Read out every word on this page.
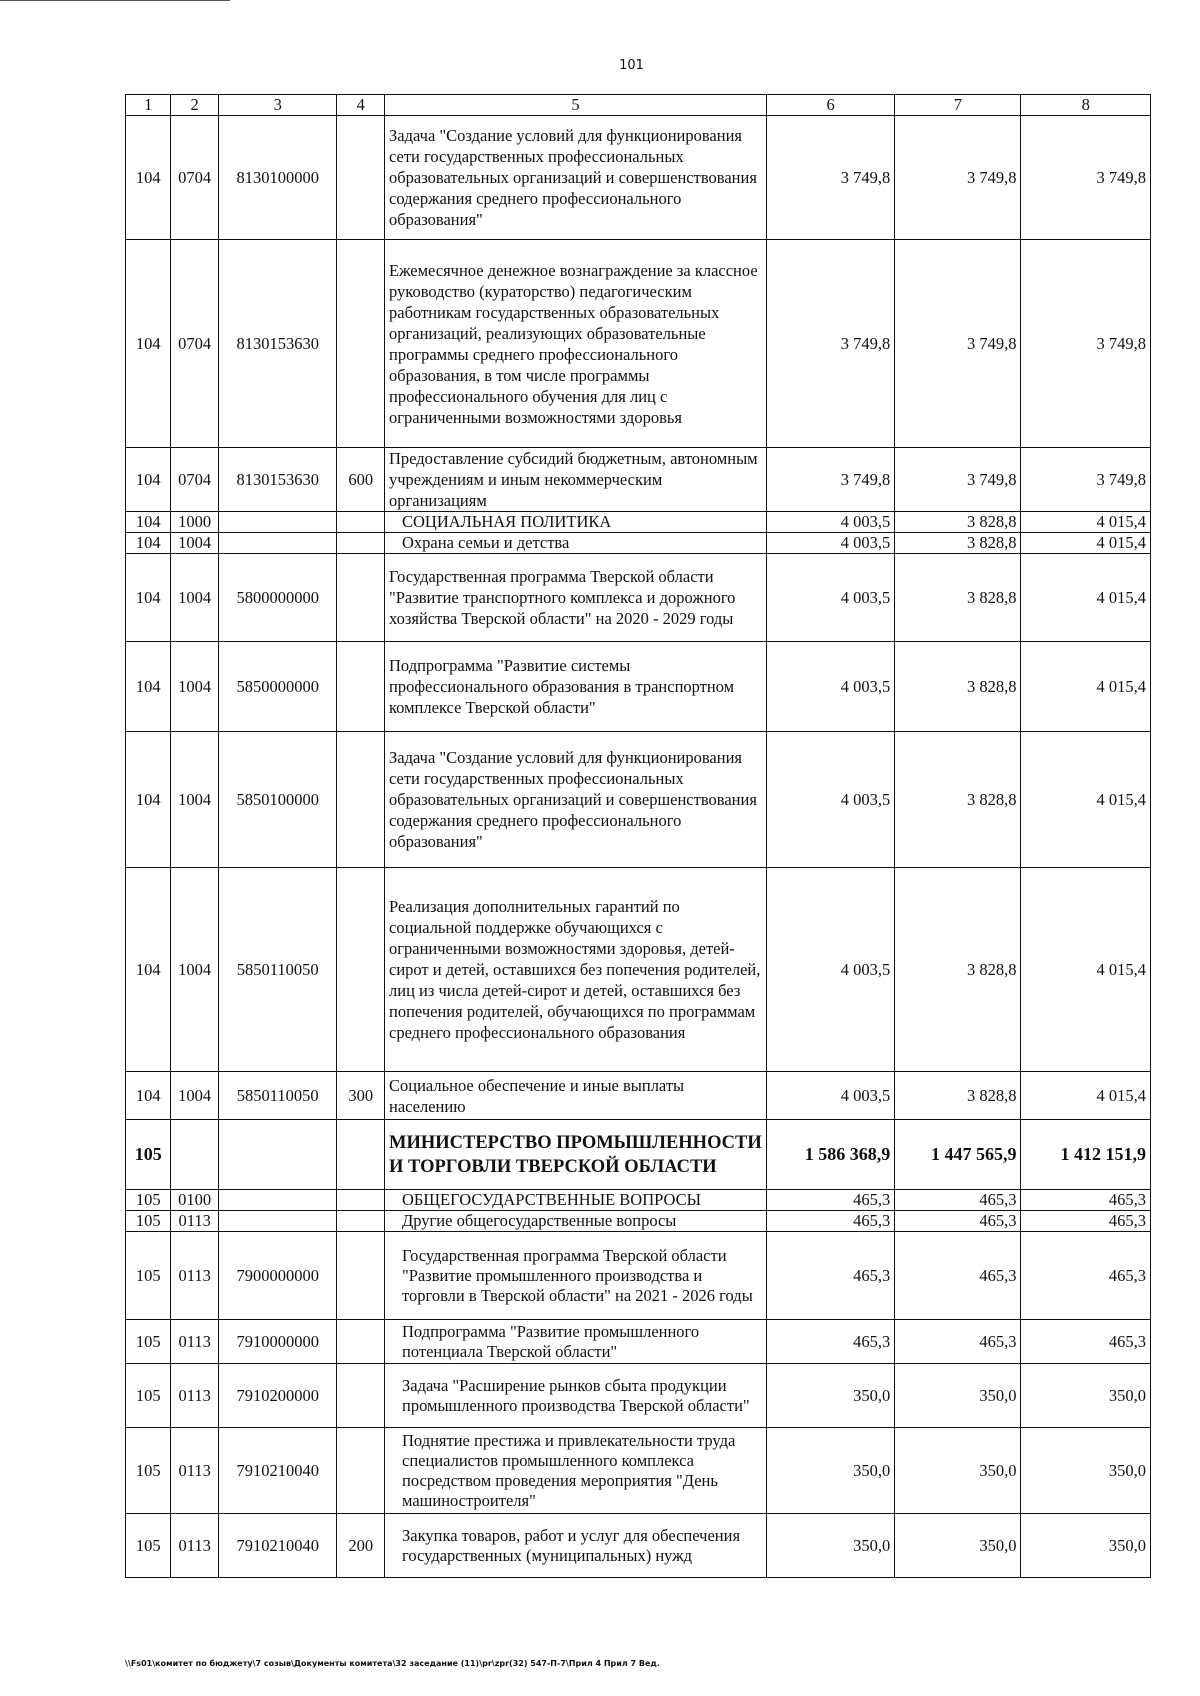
101
1	2	3	4	5	6	7	8
104	0704	8130100000		Задача "Создание условий для функционирования сети государственных профессиональных образовательных организаций и совершенствования содержания среднего профессионального образования"	3 749,8	3 749,8	3 749,8
104	0704	8130153630		Ежемесячное денежное вознаграждение за классное руководство (кураторство) педагогическим работникам государственных образовательных организаций, реализующих образовательные программы среднего профессионального образования, в том числе программы профессионального обучения для лиц с ограниченными возможностями здоровья	3 749,8	3 749,8	3 749,8
104	0704	8130153630	600	Предоставление субсидий бюджетным, автономным учреждениям и иным некоммерческим организациям	3 749,8	3 749,8	3 749,8
104	1000			СОЦИАЛЬНАЯ ПОЛИТИКА	4 003,5	3 828,8	4 015,4
104	1004			Охрана семьи и детства	4 003,5	3 828,8	4 015,4
104	1004	5800000000		Государственная программа Тверской области "Развитие транспортного комплекса и дорожного хозяйства Тверской области" на 2020 - 2029 годы	4 003,5	3 828,8	4 015,4
104	1004	5850000000		Подпрограмма "Развитие системы профессионального образования в транспортном комплексе Тверской области"	4 003,5	3 828,8	4 015,4
104	1004	5850100000		Задача "Создание условий для функционирования сети государственных профессиональных образовательных организаций и совершенствования содержания среднего профессионального образования"	4 003,5	3 828,8	4 015,4
104	1004	5850110050		Реализация дополнительных гарантий по социальной поддержке обучающихся с ограниченными возможностями здоровья, детей-сирот и детей, оставшихся без попечения родителей, лиц из числа детей-сирот и детей, оставшихся без попечения родителей, обучающихся по программам среднего профессионального образования	4 003,5	3 828,8	4 015,4
104	1004	5850110050	300	Социальное обеспечение и иные выплаты населению	4 003,5	3 828,8	4 015,4
105				МИНИСТЕРСТВО ПРОМЫШЛЕННОСТИ И ТОРГОВЛИ ТВЕРСКОЙ ОБЛАСТИ	1 586 368,9	1 447 565,9	1 412 151,9
105	0100			ОБЩЕГОСУДАРСТВЕННЫЕ ВОПРОСЫ	465,3	465,3	465,3
105	0113			Другие общегосударственные вопросы	465,3	465,3	465,3
105	0113	7900000000		Государственная программа Тверской области "Развитие промышленного производства и торговли в Тверской области" на 2021 - 2026 годы	465,3	465,3	465,3
105	0113	7910000000		Подпрограмма "Развитие промышленного потенциала Тверской области"	465,3	465,3	465,3
105	0113	7910200000		Задача "Расширение рынков сбыта продукции промышленного производства Тверской области"	350,0	350,0	350,0
105	0113	7910210040		Поднятие престижа и привлекательности труда специалистов промышленного комплекса посредством проведения мероприятия "День машиностроителя"	350,0	350,0	350,0
105	0113	7910210040	200	Закупка товаров, работ и услуг для обеспечения государственных (муниципальных) нужд	350,0	350,0	350,0
\\Fs01\комитет по бюджету\7 созыв\Документы комитета\32 заседание (11)\pr\zpr(32) 547-П-7\Прил 4 Прил 7 Вед.
